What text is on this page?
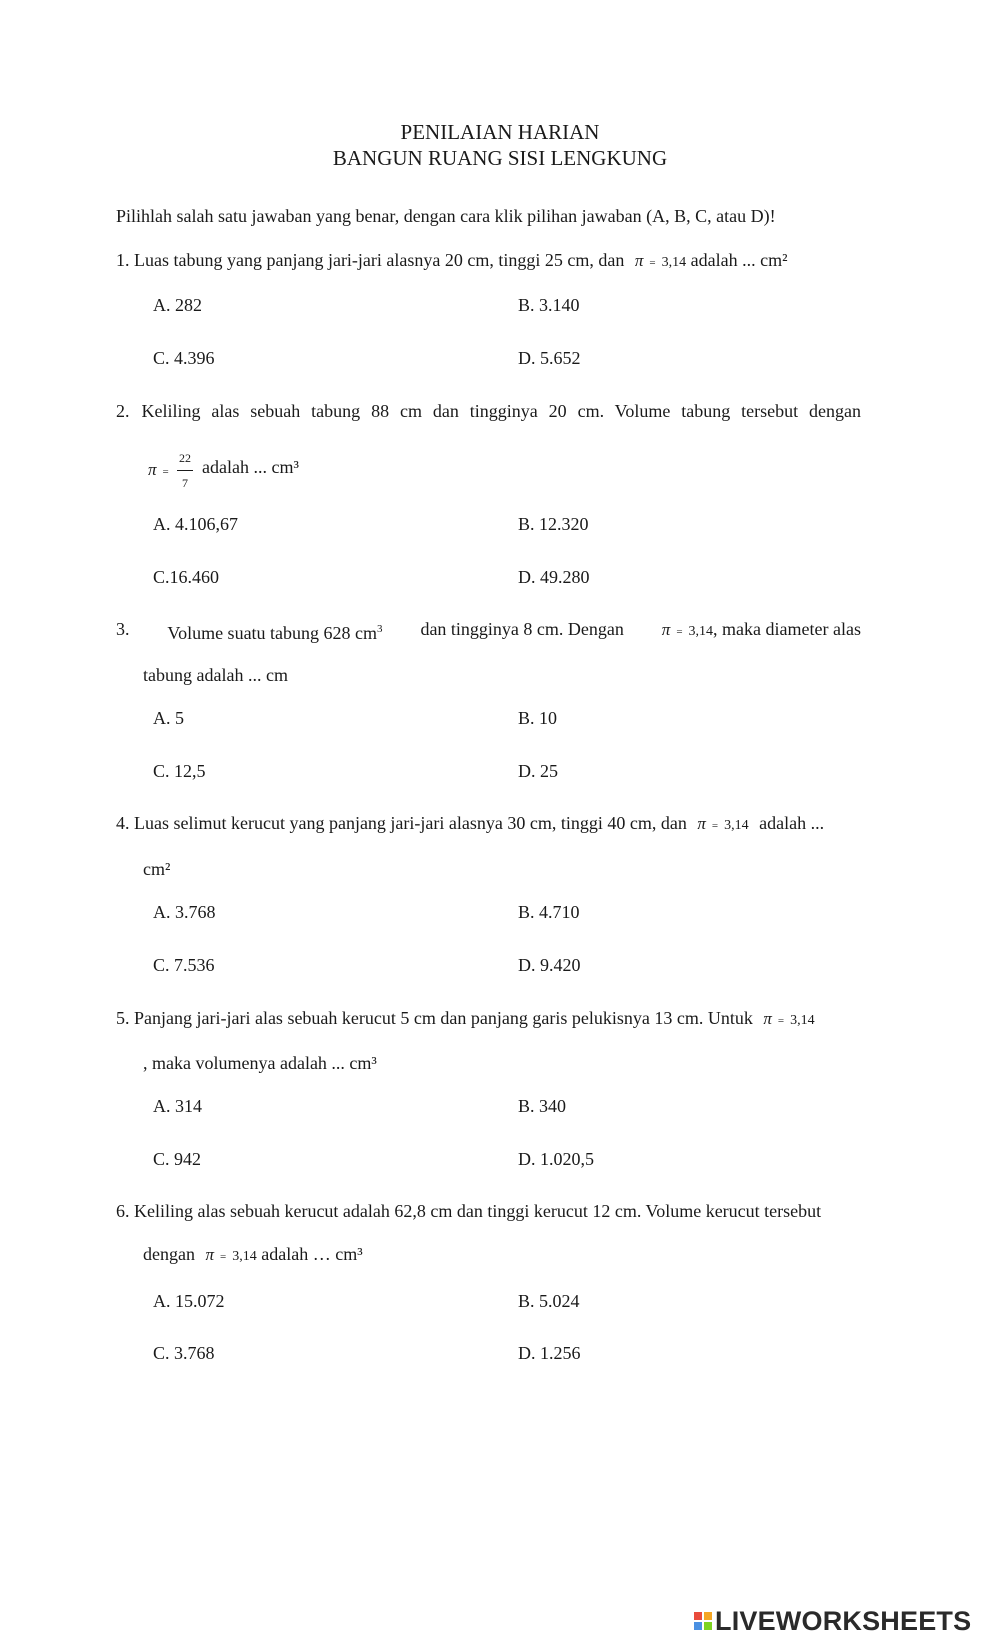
PENILAIAN HARIAN
BANGUN RUANG SISI LENGKUNG
Pilihlah salah satu jawaban yang benar, dengan cara klik pilihan jawaban (A, B, C, atau D)!
1. Luas tabung yang panjang jari-jari alasnya 20 cm, tinggi 25 cm, dan π = 3,14 adalah ... cm²
A. 282	B. 3.140
C. 4.396	D. 5.652
2. Keliling alas sebuah tabung 88 cm dan tingginya 20 cm. Volume tabung tersebut dengan
π =
22
7
adalah ... cm³
A. 4.106,67	B. 12.320
C.16.460	D. 49.280
3. Volume suatu tabung 628 $cm^3$ dan tingginya 8 cm. Dengan π = 3,14, maka diameter alas
tabung adalah ... cm
A. 5	B. 10
C. 12,5	D. 25
4. Luas selimut kerucut yang panjang jari-jari alasnya 30 cm, tinggi 40 cm, dan π = 3,14 adalah ...
cm²
A. 3.768	B. 4.710
C. 7.536	D. 9.420
5. Panjang jari-jari alas sebuah kerucut 5 cm dan panjang garis pelukisnya 13 cm. Untuk π = 3,14
, maka volumenya adalah ... cm³
A. 314	B. 340
C. 942	D. 1.020,5
6. Keliling alas sebuah kerucut adalah 62,8 cm dan tinggi kerucut 12 cm. Volume kerucut tersebut
dengan π = 3,14 adalah … cm³
A. 15.072	B. 5.024
C. 3.768	D. 1.256
LIVEWORKSHEETS
